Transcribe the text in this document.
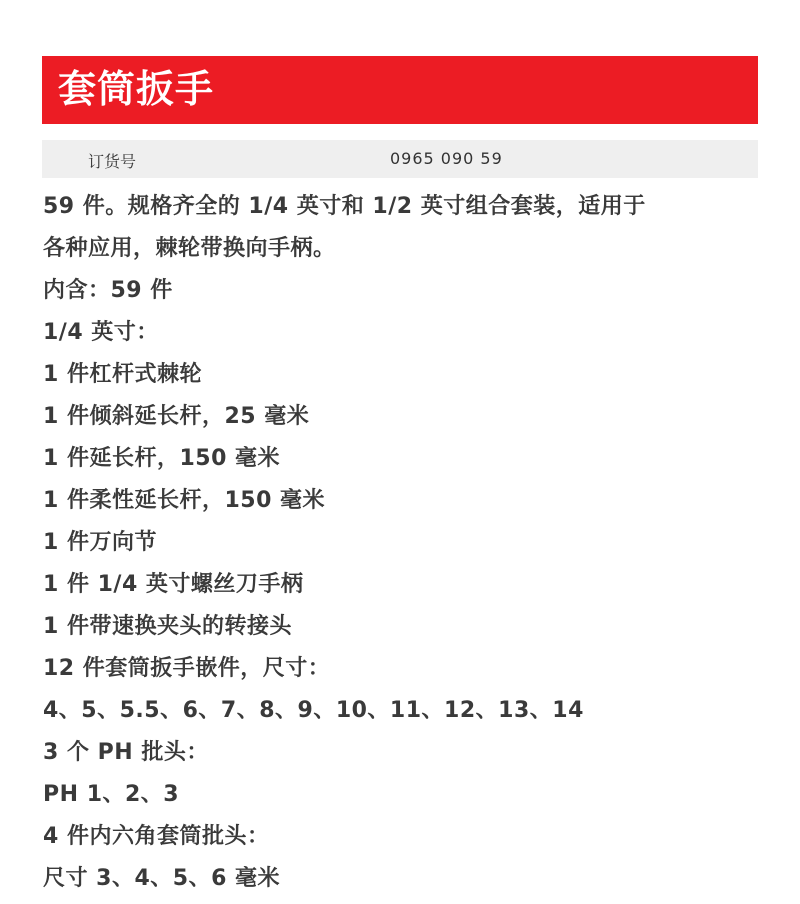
套筒扳手
订货号	0965 090 59
59 件。规格齐全的 1/4 英寸和 1/2 英寸组合套装，适用于
各种应用，棘轮带换向手柄。
内含：59 件
1/4 英寸：
1 件杠杆式棘轮
1 件倾斜延长杆，25 毫米
1 件延长杆，150 毫米
1 件柔性延长杆，150 毫米
1 件万向节
1 件 1/4 英寸螺丝刀手柄
1 件带速换夹头的转接头
12 件套筒扳手嵌件，尺寸：
4、5、5.5、6、7、8、9、10、11、12、13、14
3 个 PH 批头：
PH 1、2、3
4 件内六角套筒批头：
尺寸 3、4、5、6 毫米
